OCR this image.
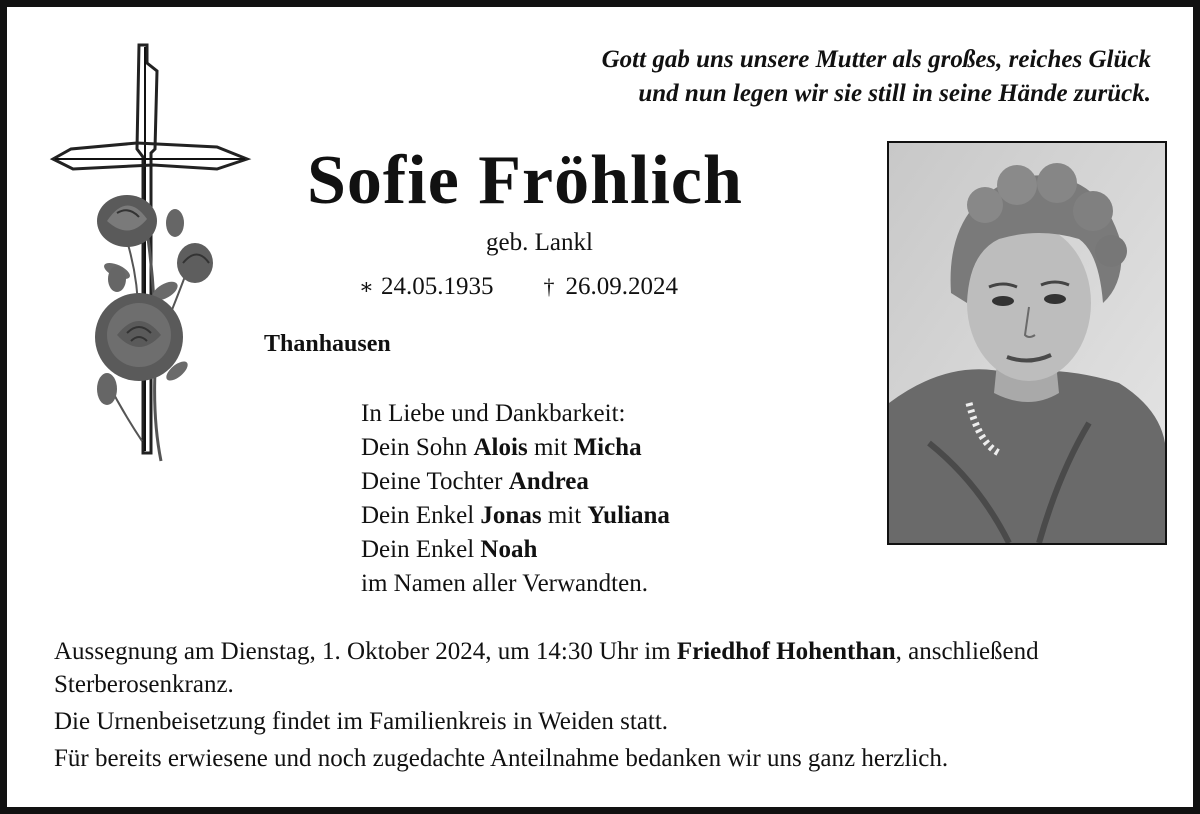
Gott gab uns unsere Mutter als großes, reiches Glück
und nun legen wir sie still in seine Hände zurück.
Sofie Fröhlich
geb. Lankl
∗ 24.05.1935 † 26.09.2024
Thanhausen
In Liebe und Dankbarkeit:
Dein Sohn Alois mit Micha
Deine Tochter Andrea
Dein Enkel Jonas mit Yuliana
Dein Enkel Noah
im Namen aller Verwandten.

Aussegnung am Dienstag, 1. Oktober 2024, um 14:30 Uhr im Friedhof Hohenthan, anschließend Sterberosenkranz.

Die Urnenbeisetzung findet im Familienkreis in Weiden statt.

Für bereits erwiesene und noch zugedachte Anteilnahme bedanken wir uns ganz herzlich.
